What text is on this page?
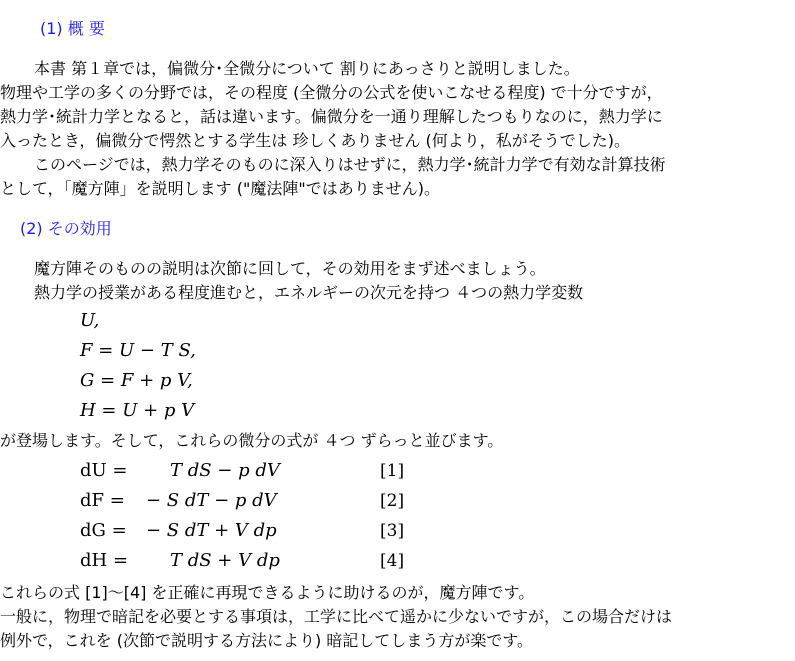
(1) 概 要
本書 第１章では，偏微分･全微分について 割りにあっさりと説明しました。
物理や工学の多くの分野では，その程度 (全微分の公式を使いこなせる程度) で十分ですが，
熱力学･統計力学となると，話は違います。偏微分を一通り理解したつもりなのに，熱力学に
入ったとき，偏微分で愕然とする学生は 珍しくありません (何より，私がそうでした)。
このページでは，熱力学そのものに深入りはせずに，熱力学･統計力学で有効な計算技術
として，「魔方陣」を説明します ("魔法陣"ではありません)。
(2) その効用
魔方陣そのものの説明は次節に回して，その効用をまず述べましょう。
熱力学の授業がある程度進むと，エネルギーの次元を持つ ４つの熱力学変数
U,
F = U − T S,
G = F + p V,
H = U + p V
が登場します。そして，これらの微分の式が ４つ ずらっと並びます。
dU = T dS − p dV	[1]
dF = − S dT − p dV	[2]
dG = − S dT + V dp	[3]
dH = T dS + V dp	[4]
これらの式 [1]〜[4] を正確に再現できるように助けるのが，魔方陣です。
一般に，物理で暗記を必要とする事項は，工学に比べて遥かに少ないですが，この場合だけは
例外で，これを (次節で説明する方法により) 暗記してしまう方が楽です。
